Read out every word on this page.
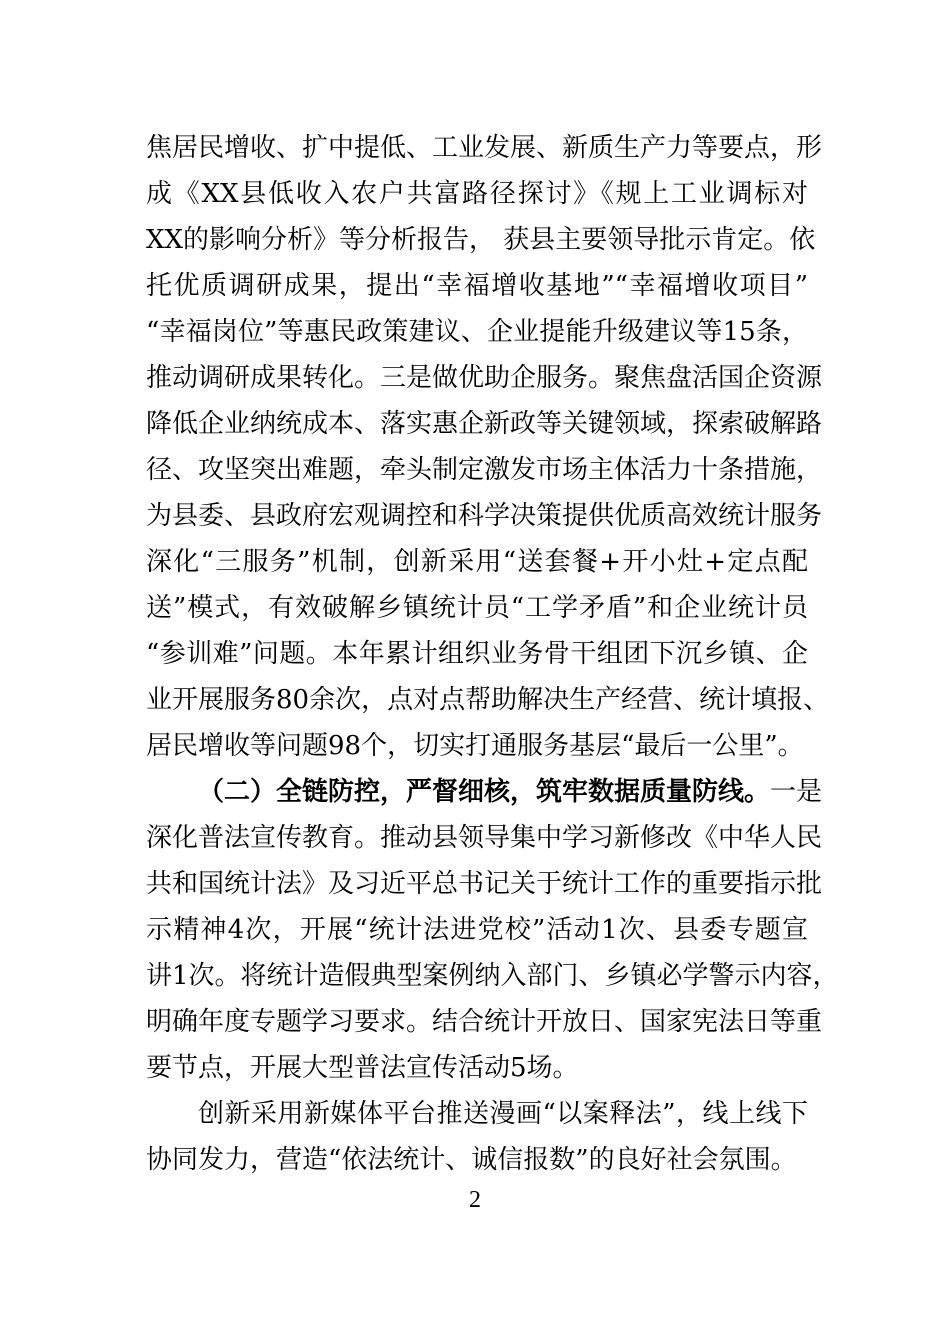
焦居民增收、扩中提低、工业发展、新质生产力等要点，形
成《XX县低收入农户共富路径探讨》《规上工业调标对
XX的影响分析》等分析报告， 获县主要领导批示肯定。依
托优质调研成果，提出“幸福增收基地”“幸福增收项目”
“幸福岗位”等惠民政策建议、企业提能升级建议等15条，
推动调研成果转化。三是做优助企服务。聚焦盘活国企资源
降低企业纳统成本、落实惠企新政等关键领域，探索破解路
径、攻坚突出难题，牵头制定激发市场主体活力十条措施，
为县委、县政府宏观调控和科学决策提供优质高效统计服务
深化“三服务”机制，创新采用“送套餐+开小灶+定点配
送”模式，有效破解乡镇统计员“工学矛盾”和企业统计员
“参训难”问题。本年累计组织业务骨干组团下沉乡镇、企
业开展服务80余次，点对点帮助解决生产经营、统计填报、
居民增收等问题98个，切实打通服务基层“最后一公里”。
（二）全链防控，严督细核，筑牢数据质量防线。一是
深化普法宣传教育。推动县领导集中学习新修改《中华人民
共和国统计法》及习近平总书记关于统计工作的重要指示批
示精神4次，开展“统计法进党校”活动1次、县委专题宣
讲1次。将统计造假典型案例纳入部门、乡镇必学警示内容，
明确年度专题学习要求。结合统计开放日、国家宪法日等重
要节点，开展大型普法宣传活动5场。
创新采用新媒体平台推送漫画“以案释法”，线上线下
协同发力，营造“依法统计、诚信报数”的良好社会氛围。
2
